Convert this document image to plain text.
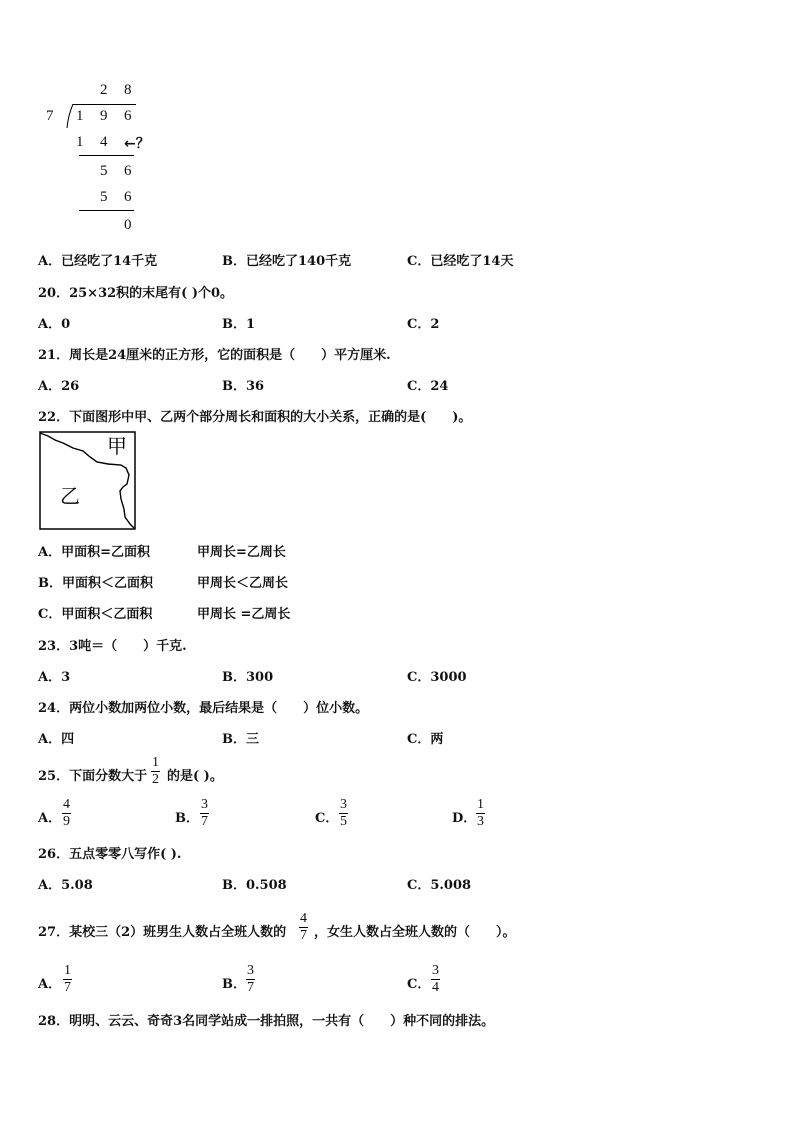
2 8
7 1 9 6
1 4 ←？
5 6
5 6
0
A．已经吃了14千克	B．已经吃了140千克	C．已经吃了14天
20．25×32积的末尾有( )个0。
A．0	B．1	C．2
21．周长是24厘米的正方形，它的面积是（　　）平方厘米.
A．26	B．36	C．24
22．下面图形中甲、乙两个部分周长和面积的大小关系，正确的是(　　)。
甲
乙
A．甲面积=乙面积	甲周长=乙周长
B．甲面积＜乙面积	甲周长＜乙周长
C．甲面积＜乙面积	甲周长 =乙周长
23．3吨＝（　　）千克.
A．3	B．300	C．3000
24．两位小数加两位小数，最后结果是（　　）位小数。
A．四	B．三	C．两
25．下面分数大于 $\frac{1}{2}$ 的是( )。
A． $\frac{4}{9}$	B． $\frac{3}{7}$	C． $\frac{3}{5}$	D． $\frac{1}{3}$
26．五点零零八写作( ).
A．5.08	B．0.508	C．5.008
27．某校三（2）班男生人数占全班人数的 $\frac{4}{7}$ ，女生人数占全班人数的（　　）。
A． $\frac{1}{7}$	B． $\frac{3}{7}$	C． $\frac{3}{4}$
28．明明、云云、奇奇3名同学站成一排拍照，一共有（　　）种不同的排法。
